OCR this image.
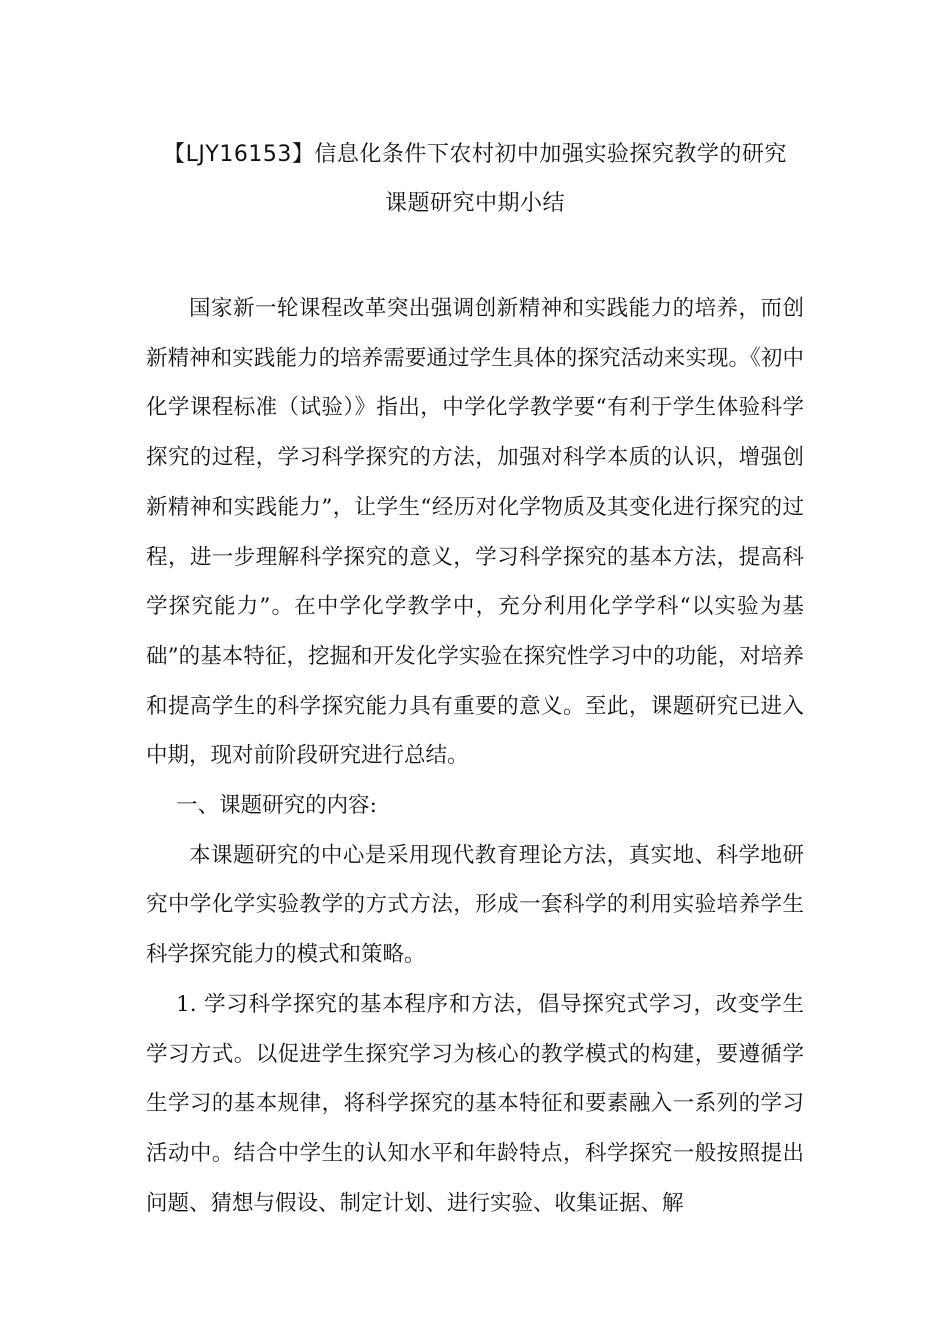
【LJY16153】信息化条件下农村初中加强实验探究教学的研究
课题研究中期小结

国家新一轮课程改革突出强调创新精神和实践能力的培养，而创新精神和实践能力的培养需要通过学生具体的探究活动来实现。《初中化学课程标准（试验）》指出，中学化学教学要“有利于学生体验科学探究的过程，学习科学探究的方法，加强对科学本质的认识，增强创新精神和实践能力”，让学生“经历对化学物质及其变化进行探究的过程，进一步理解科学探究的意义，学习科学探究的基本方法，提高科学探究能力”。在中学化学教学中，充分利用化学学科“以实验为基础”的基本特征，挖掘和开发化学实验在探究性学习中的功能，对培养和提高学生的科学探究能力具有重要的意义。至此，课题研究已进入中期，现对前阶段研究进行总结。

一、课题研究的内容:

本课题研究的中心是采用现代教育理论方法，真实地、科学地研究中学化学实验教学的方式方法，形成一套科学的利用实验培养学生科学探究能力的模式和策略。

1. 学习科学探究的基本程序和方法，倡导探究式学习，改变学生学习方式。以促进学生探究学习为核心的教学模式的构建，要遵循学生学习的基本规律，将科学探究的基本特征和要素融入一系列的学习活动中。结合中学生的认知水平和年龄特点，科学探究一般按照提出问题、猜想与假设、制定计划、进行实验、收集证据、解
